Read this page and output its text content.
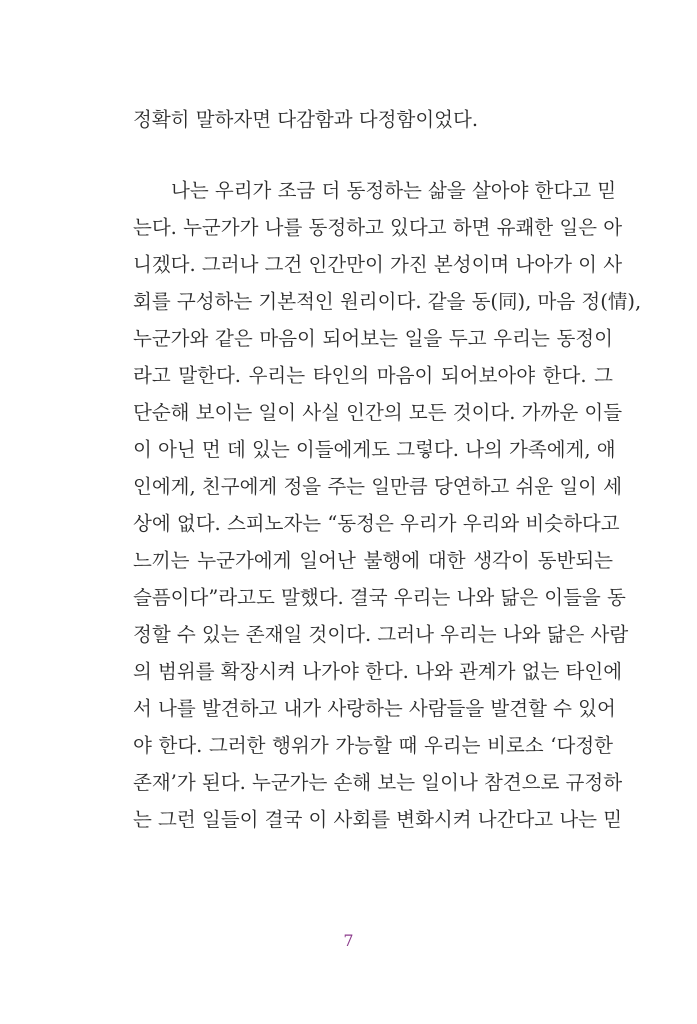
정확히 말하자면 다감함과 다정함이었다.
나는 우리가 조금 더 동정하는 삶을 살아야 한다고 믿
는다. 누군가가 나를 동정하고 있다고 하면 유쾌한 일은 아
니겠다. 그러나 그건 인간만이 가진 본성이며 나아가 이 사
회를 구성하는 기본적인 원리이다. 같을 동(同), 마음 정(情),
누군가와 같은 마음이 되어보는 일을 두고 우리는 동정이
라고 말한다. 우리는 타인의 마음이 되어보아야 한다. 그
단순해 보이는 일이 사실 인간의 모든 것이다. 가까운 이들
이 아닌 먼 데 있는 이들에게도 그렇다. 나의 가족에게, 애
인에게, 친구에게 정을 주는 일만큼 당연하고 쉬운 일이 세
상에 없다. 스피노자는 “동정은 우리가 우리와 비슷하다고
느끼는 누군가에게 일어난 불행에 대한 생각이 동반되는
슬픔이다”라고도 말했다. 결국 우리는 나와 닮은 이들을 동
정할 수 있는 존재일 것이다. 그러나 우리는 나와 닮은 사람
의 범위를 확장시켜 나가야 한다. 나와 관계가 없는 타인에
서 나를 발견하고 내가 사랑하는 사람들을 발견할 수 있어
야 한다. 그러한 행위가 가능할 때 우리는 비로소 ‘다정한
존재’가 된다. 누군가는 손해 보는 일이나 참견으로 규정하
는 그런 일들이 결국 이 사회를 변화시켜 나간다고 나는 믿
7
